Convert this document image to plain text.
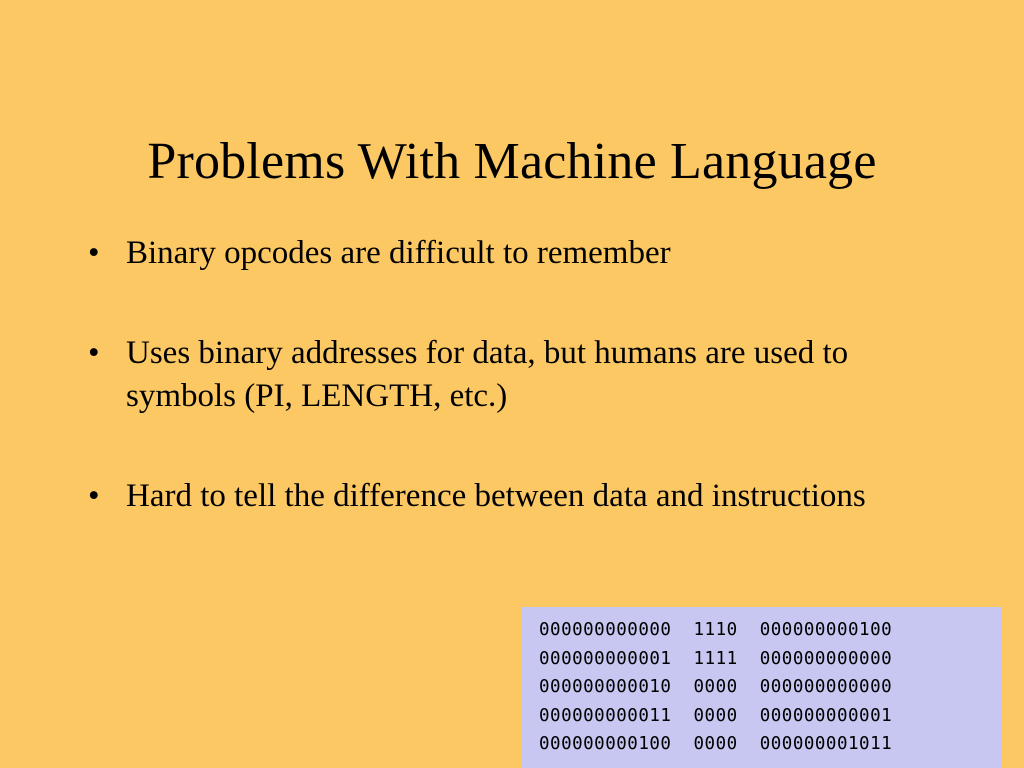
Problems With Machine Language
• Binary opcodes are difficult to remember
• Uses binary addresses for data, but humans are used to symbols (PI, LENGTH, etc.)
• Hard to tell the difference between data and instructions
000000000000  1110  000000000100
000000000001  1111  000000000000
000000000010  0000  000000000000
000000000011  0000  000000000001
000000000100  0000  000000001011
